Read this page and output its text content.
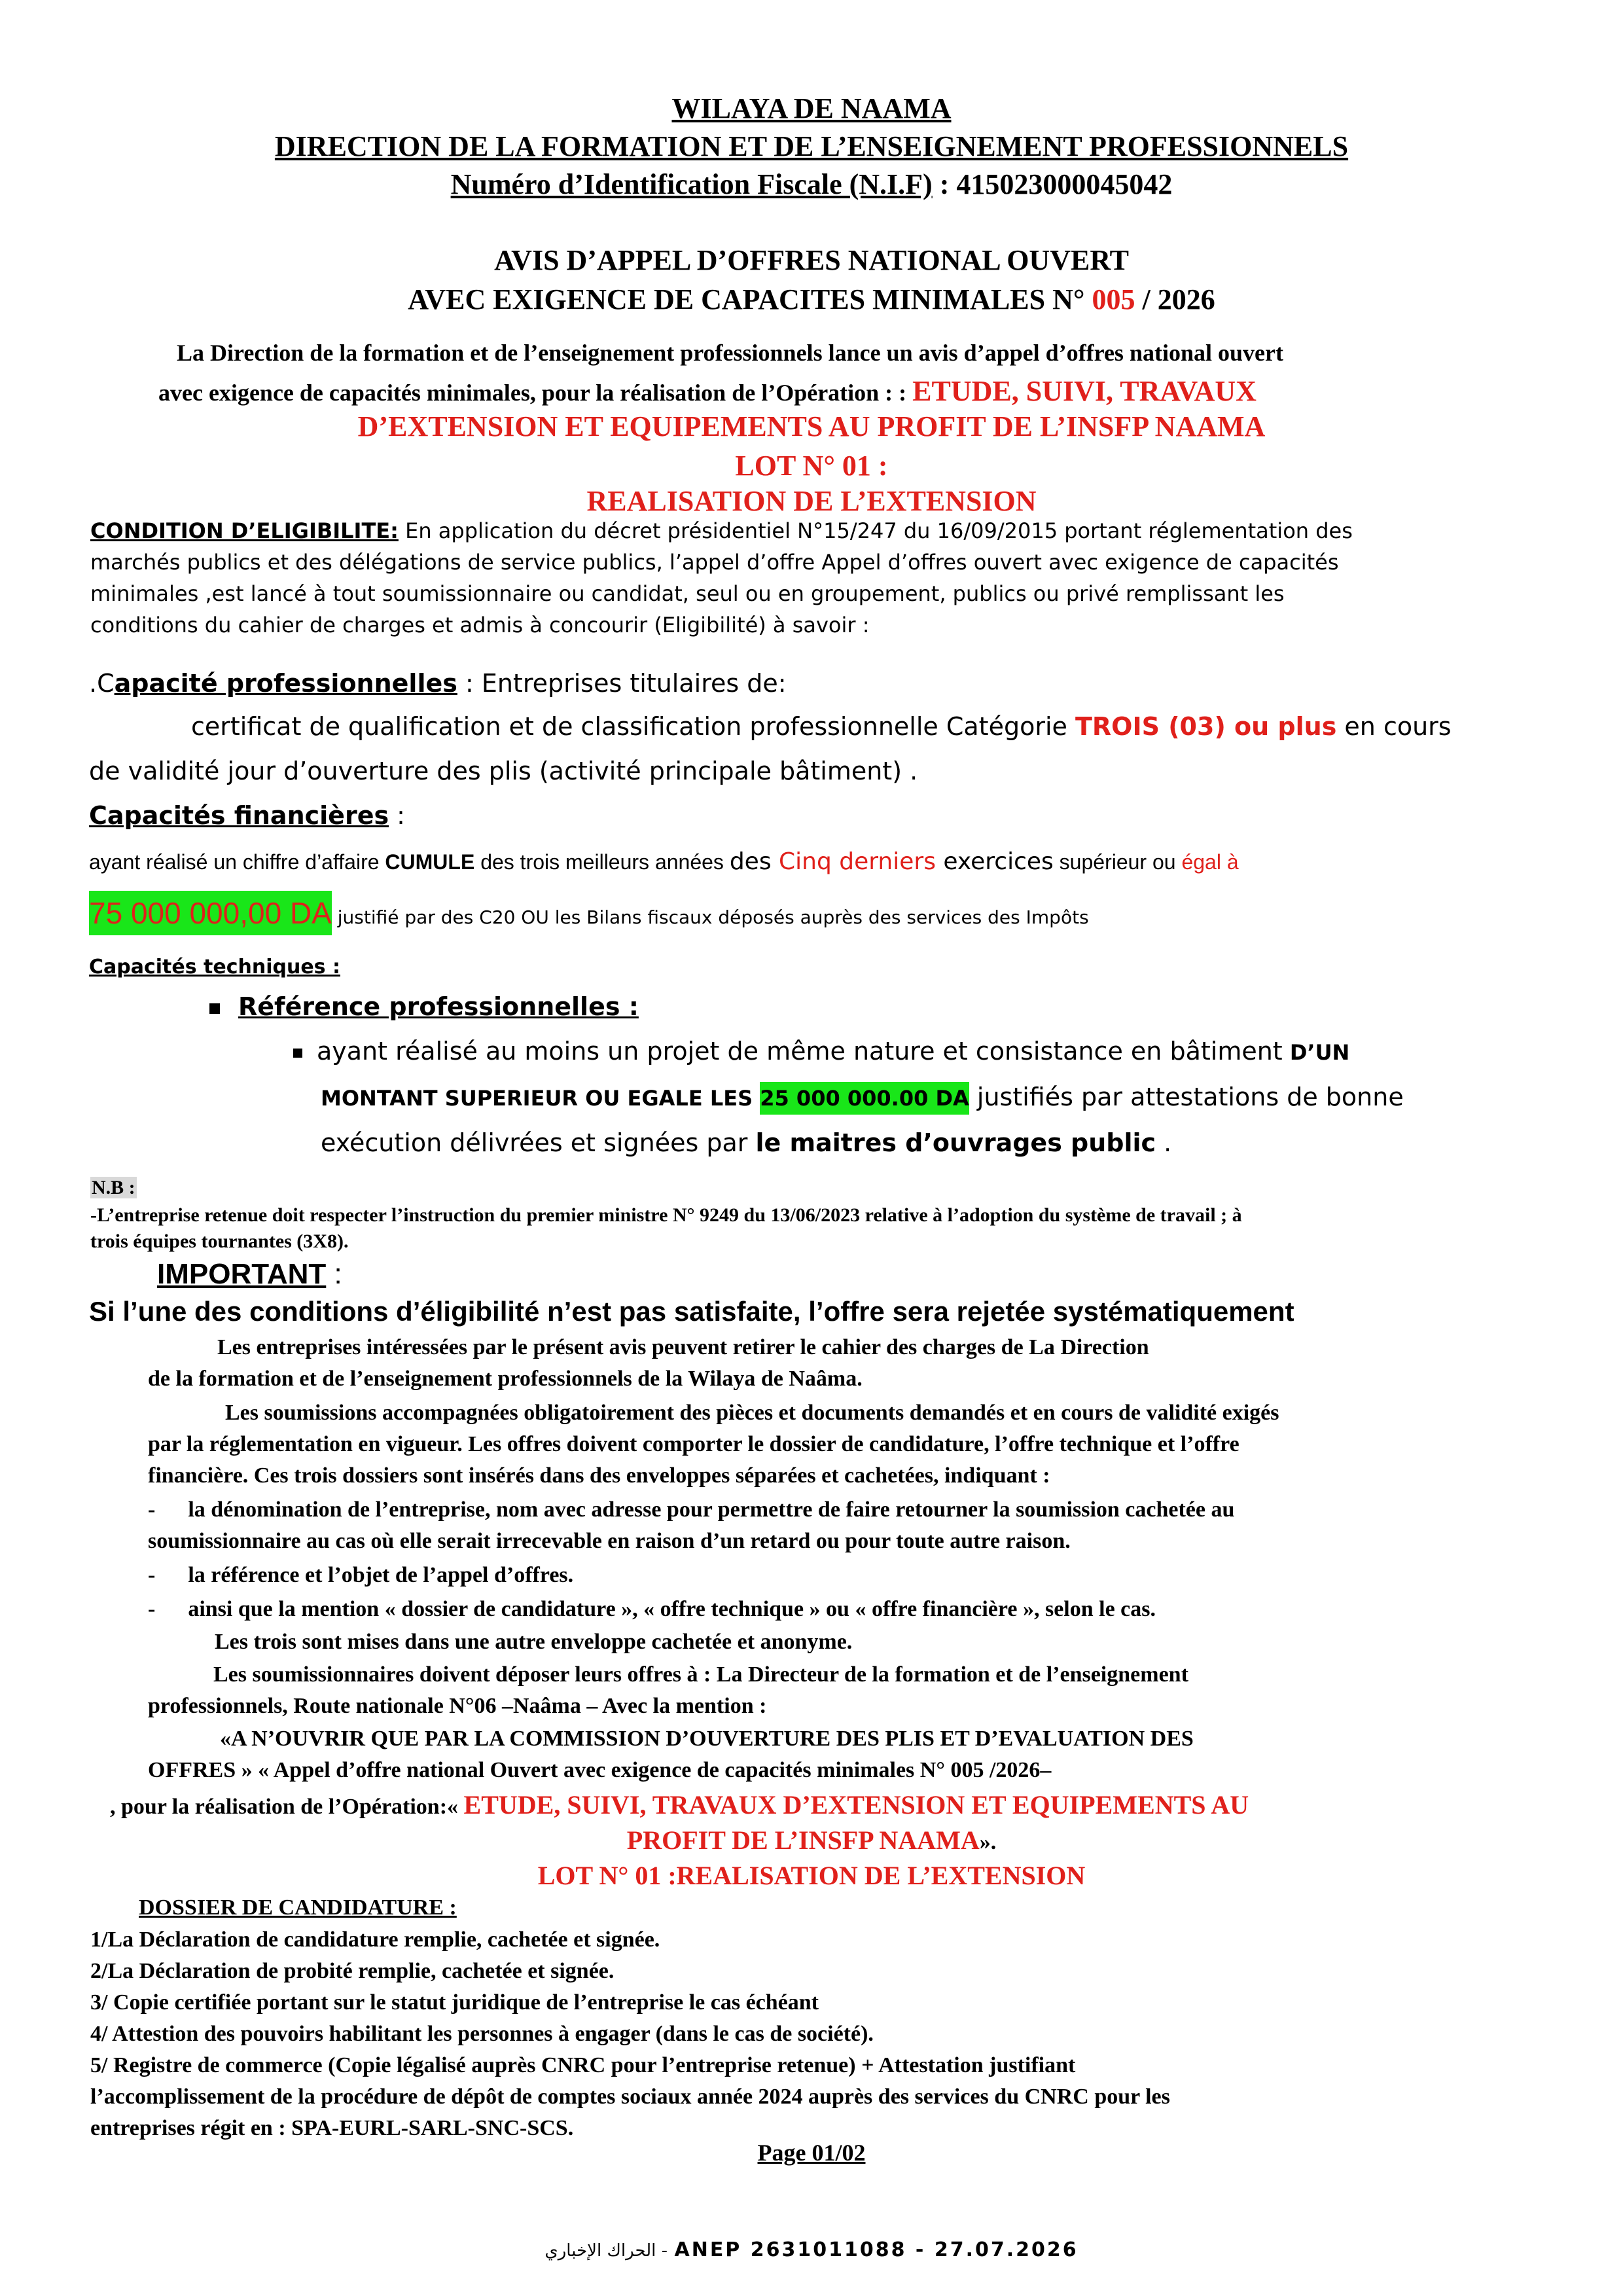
WILAYA DE NAAMA
DIRECTION DE LA FORMATION ET DE L’ENSEIGNEMENT PROFESSIONNELS
Numéro d’Identification Fiscale (N.I.F) : 415023000045042
AVIS D’APPEL D’OFFRES NATIONAL OUVERT
AVEC EXIGENCE DE CAPACITES MINIMALES N° 005 / 2026
La Direction de la formation et de l’enseignement professionnels lance un avis d’appel d’offres national ouvert
avec exigence de capacités minimales, pour la réalisation de l’Opération : : ETUDE, SUIVI, TRAVAUX
D’EXTENSION ET EQUIPEMENTS AU PROFIT DE L’INSFP NAAMA
LOT N° 01 :
REALISATION DE L’EXTENSION
CONDITION D’ELIGIBILITE: En application du décret présidentiel N°15/247 du 16/09/2015 portant réglementation des
marchés publics et des délégations de service publics, l’appel d’offre Appel d’offres ouvert avec exigence de capacités
minimales ,est lancé à tout soumissionnaire ou candidat, seul ou en groupement, publics ou privé remplissant les
conditions du cahier de charges et admis à concourir (Eligibilité) à savoir :
.Capacité professionnelles : Entreprises titulaires de:
certificat de qualification et de classification professionnelle Catégorie TROIS (03) ou plus en cours
de validité jour d’ouverture des plis (activité principale bâtiment) .
Capacités financières :
ayant réalisé un chiffre d’affaire CUMULE des trois meilleurs années des Cinq derniers exercices supérieur ou égal à
75 000 000,00 DA justifié par des C20 OU les Bilans fiscaux déposés auprès des services des Impôts
Capacités techniques :
Référence professionnelles :
ayant réalisé au moins un projet de même nature et consistance en bâtiment D’UN
MONTANT SUPERIEUR OU EGALE LES 25 000 000.00 DA justifiés par attestations de bonne
exécution délivrées et signées par le maitres d’ouvrages public .
N.B :
-L’entreprise retenue doit respecter l’instruction du premier ministre N° 9249 du 13/06/2023 relative à l’adoption du système de travail ; à
trois équipes tournantes (3X8).
IMPORTANT :
Si l’une des conditions d’éligibilité n’est pas satisfaite, l’offre sera rejetée systématiquement
Les entreprises intéressées par le présent avis peuvent retirer le cahier des charges de La Direction
de la formation et de l’enseignement professionnels de la Wilaya de Naâma.
Les soumissions accompagnées obligatoirement des pièces et documents demandés et en cours de validité exigés
par la réglementation en vigueur. Les offres doivent comporter le dossier de candidature, l’offre technique et l’offre
financière. Ces trois dossiers sont insérés dans des enveloppes séparées et cachetées, indiquant :
- la dénomination de l’entreprise, nom avec adresse pour permettre de faire retourner la soumission cachetée au
soumissionnaire au cas où elle serait irrecevable en raison d’un retard ou pour toute autre raison.
- la référence et l’objet de l’appel d’offres.
- ainsi que la mention « dossier de candidature », « offre technique » ou « offre financière », selon le cas.
Les trois sont mises dans une autre enveloppe cachetée et anonyme.
Les soumissionnaires doivent déposer leurs offres à : La Directeur de la formation et de l’enseignement
professionnels, Route nationale N°06 –Naâma – Avec la mention :
«A N’OUVRIR QUE PAR LA COMMISSION D’OUVERTURE DES PLIS ET D’EVALUATION DES
OFFRES » « Appel d’offre national Ouvert avec exigence de capacités minimales N° 005 /2026–
, pour la réalisation de l’Opération:« ETUDE, SUIVI, TRAVAUX D’EXTENSION ET EQUIPEMENTS AU
PROFIT DE L’INSFP NAAMA».
LOT N° 01 :REALISATION DE L’EXTENSION
DOSSIER DE CANDIDATURE :
1/La Déclaration de candidature remplie, cachetée et signée.
2/La Déclaration de probité remplie, cachetée et signée.
3/ Copie certifiée portant sur le statut juridique de l’entreprise le cas échéant
4/ Attestion des pouvoirs habilitant les personnes à engager (dans le cas de société).
5/ Registre de commerce (Copie légalisé auprès CNRC pour l’entreprise retenue) + Attestation justifiant
l’accomplissement de la procédure de dépôt de comptes sociaux année 2024 auprès des services du CNRC pour les
entreprises régit en : SPA-EURL-SARL-SNC-SCS.
Page 01/02
الحراك الإخباري - ANEP 2631011088 - 27.07.2026
